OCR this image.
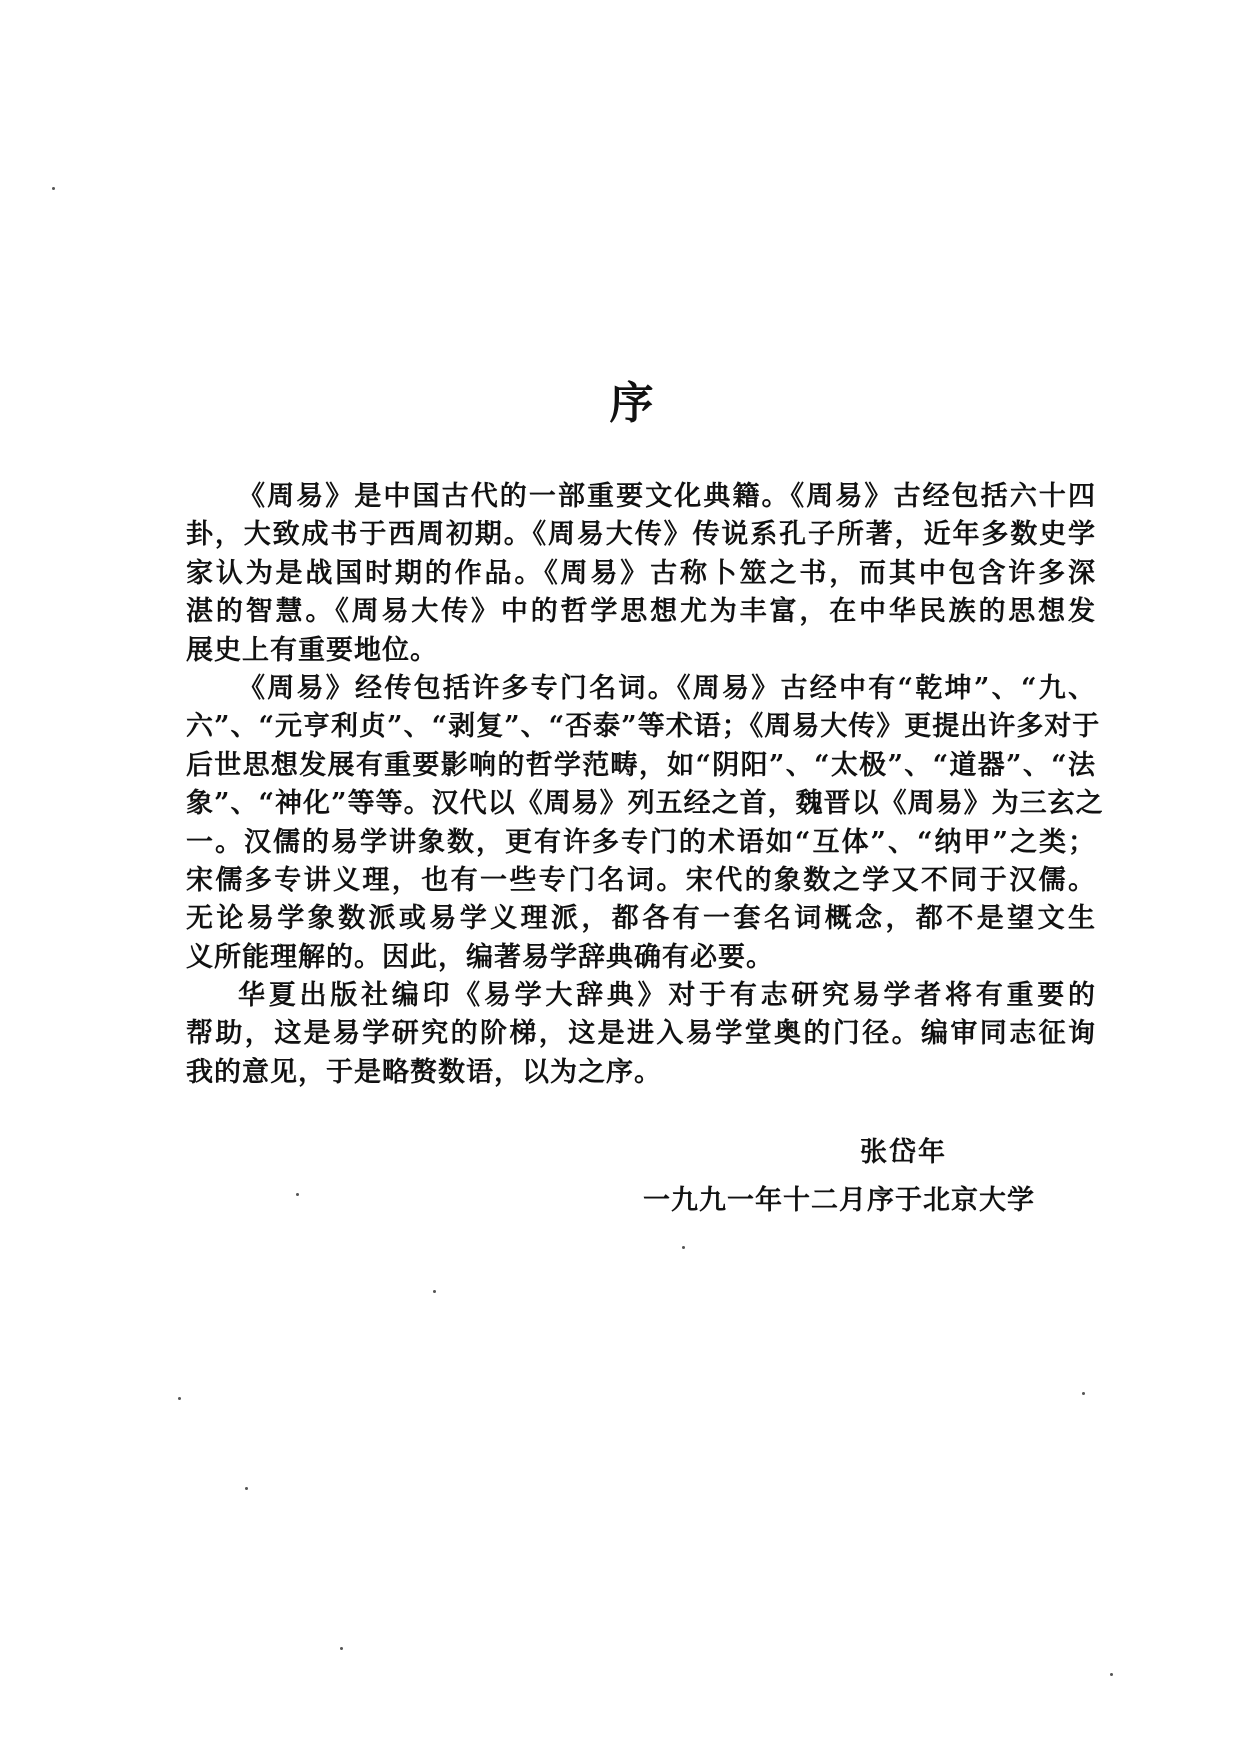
序
《周易》是中国古代的一部重要文化典籍。《周易》古经包括六十四
卦，大致成书于西周初期。《周易大传》传说系孔子所著，近年多数史学
家认为是战国时期的作品。《周易》古称卜筮之书，而其中包含许多深
湛的智慧。《周易大传》中的哲学思想尤为丰富，在中华民族的思想发
展史上有重要地位。
《周易》经传包括许多专门名词。《周易》古经中有“乾坤”、“九、
六”、“元亨利贞”、“剥复”、“否泰”等术语；《周易大传》更提出许多对于
后世思想发展有重要影响的哲学范畴，如“阴阳”、“太极”、“道器”、“法
象”、“神化”等等。汉代以《周易》列五经之首，魏晋以《周易》为三玄之
一。汉儒的易学讲象数，更有许多专门的术语如“互体”、“纳甲”之类；
宋儒多专讲义理，也有一些专门名词。宋代的象数之学又不同于汉儒。
无论易学象数派或易学义理派，都各有一套名词概念，都不是望文生
义所能理解的。因此，编著易学辞典确有必要。
华夏出版社编印《易学大辞典》对于有志研究易学者将有重要的
帮助，这是易学研究的阶梯，这是进入易学堂奥的门径。编审同志征询
我的意见，于是略赘数语，以为之序。
张岱年
一九九一年十二月序于北京大学
